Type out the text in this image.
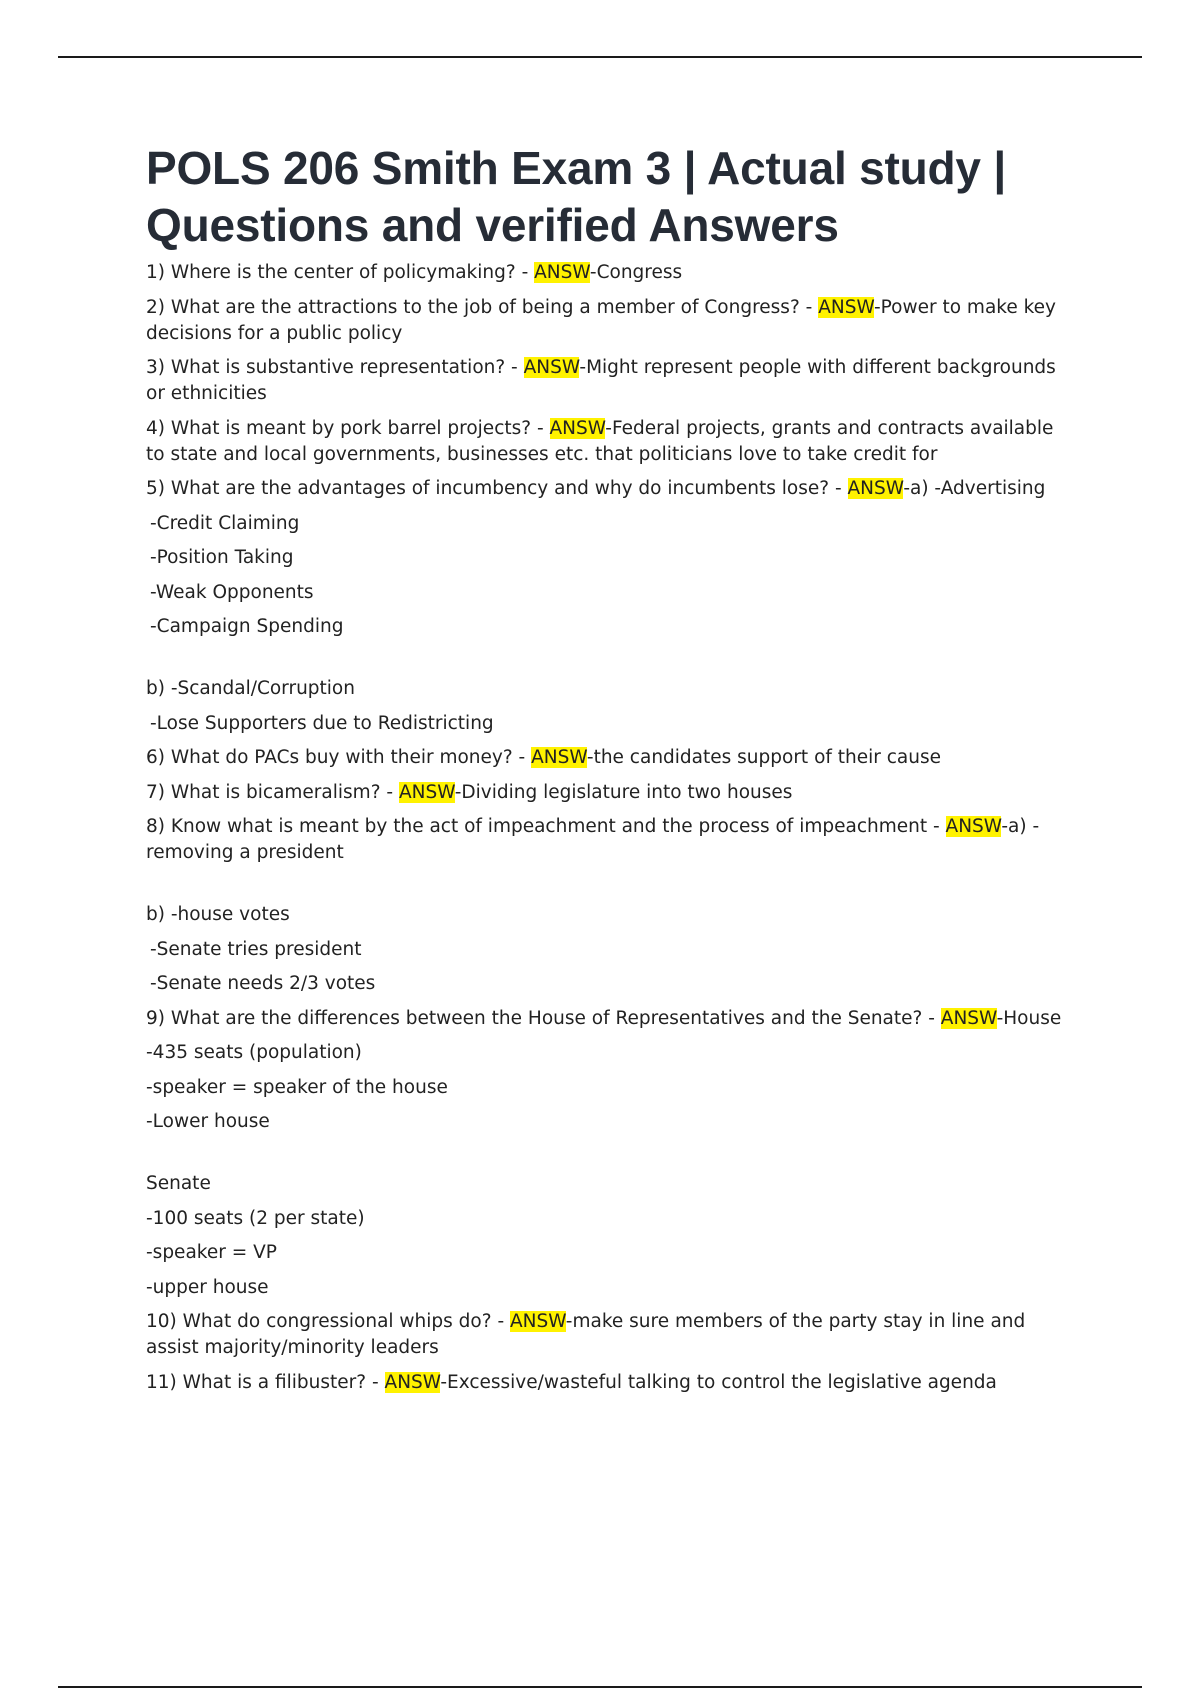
POLS 206 Smith Exam 3 | Actual study | Questions and verified Answers

1) Where is the center of policymaking? - ANSW-Congress

2) What are the attractions to the job of being a member of Congress? - ANSW-Power to make key decisions for a public policy

3) What is substantive representation? - ANSW-Might represent people with different backgrounds or ethnicities

4) What is meant by pork barrel projects? - ANSW-Federal projects, grants and contracts available to state and local governments, businesses etc. that politicians love to take credit for

5) What are the advantages of incumbency and why do incumbents lose? - ANSW-a) -Advertising

-Credit Claiming

-Position Taking

-Weak Opponents

-Campaign Spending

b) -Scandal/Corruption

-Lose Supporters due to Redistricting

6) What do PACs buy with their money? - ANSW-the candidates support of their cause

7) What is bicameralism? - ANSW-Dividing legislature into two houses

8) Know what is meant by the act of impeachment and the process of impeachment - ANSW-a) - removing a president

b) -house votes

-Senate tries president

-Senate needs 2/3 votes

9) What are the differences between the House of Representatives and the Senate? - ANSW-House

-435 seats (population)

-speaker = speaker of the house

-Lower house

Senate

-100 seats (2 per state)

-speaker = VP

-upper house

10) What do congressional whips do? - ANSW-make sure members of the party stay in line and assist majority/minority leaders

11) What is a filibuster? - ANSW-Excessive/wasteful talking to control the legislative agenda
